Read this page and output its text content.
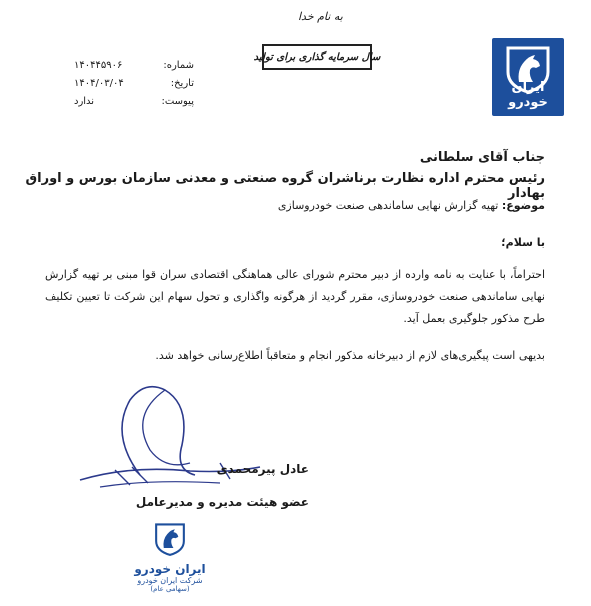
ایران خودرو
به نام خدا
سال سرمایه گذاری برای تولید
شماره:
۱۴۰۴۴۵۹۰۶
تاریخ:
۱۴۰۴/۰۳/۰۴
پیوست:
ندارد
جناب آقای سلطانی
رئیس محترم اداره نظارت برناشران گروه صنعتی و معدنی سازمان بورس و اوراق بهادار
موضوع: تهیه گزارش نهایی ساماندهی صنعت خودروسازی
با سلام؛
احتراماً، با عنایت به نامه وارده از دبیر محترم شورای عالی هماهنگی اقتصادی سران قوا مبنی بر تهیه گزارش نهایی ساماندهی صنعت خودروسازی، مقرر گردید از هرگونه واگذاری و تحول سهام این شرکت تا تعیین تکلیف طرح مذکور جلوگیری بعمل آید.
بدیهی است پیگیری‌های لازم از دبیرخانه مذکور انجام و متعاقباً اطلاع‌رسانی خواهد شد.
عادل پیرمحمدی
عضو هیئت مدیره و مدیرعامل
ایران خودرو
شرکت ایران خودرو
(سهامی عام)
